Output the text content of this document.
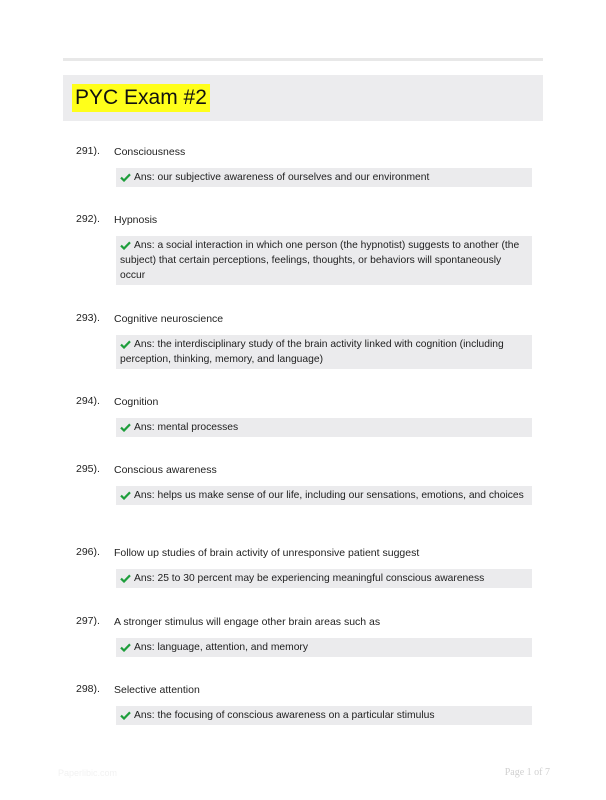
PYC Exam #2
291). Consciousness
Ans: our subjective awareness of ourselves and our environment
292). Hypnosis
Ans: a social interaction in which one person (the hypnotist) suggests to another (the subject) that certain perceptions, feelings, thoughts, or behaviors will spontaneously occur
293). Cognitive neuroscience
Ans: the interdisciplinary study of the brain activity linked with cognition (including perception, thinking, memory, and language)
294). Cognition
Ans: mental processes
295). Conscious awareness
Ans: helps us make sense of our life, including our sensations, emotions, and choices
296). Follow up studies of brain activity of unresponsive patient suggest
Ans: 25 to 30 percent may be experiencing meaningful conscious awareness
297). A stronger stimulus will engage other brain areas such as
Ans: language, attention, and memory
298). Selective attention
Ans: the focusing of conscious awareness on a particular stimulus
Paperlibic.com	Page 1 of 7
